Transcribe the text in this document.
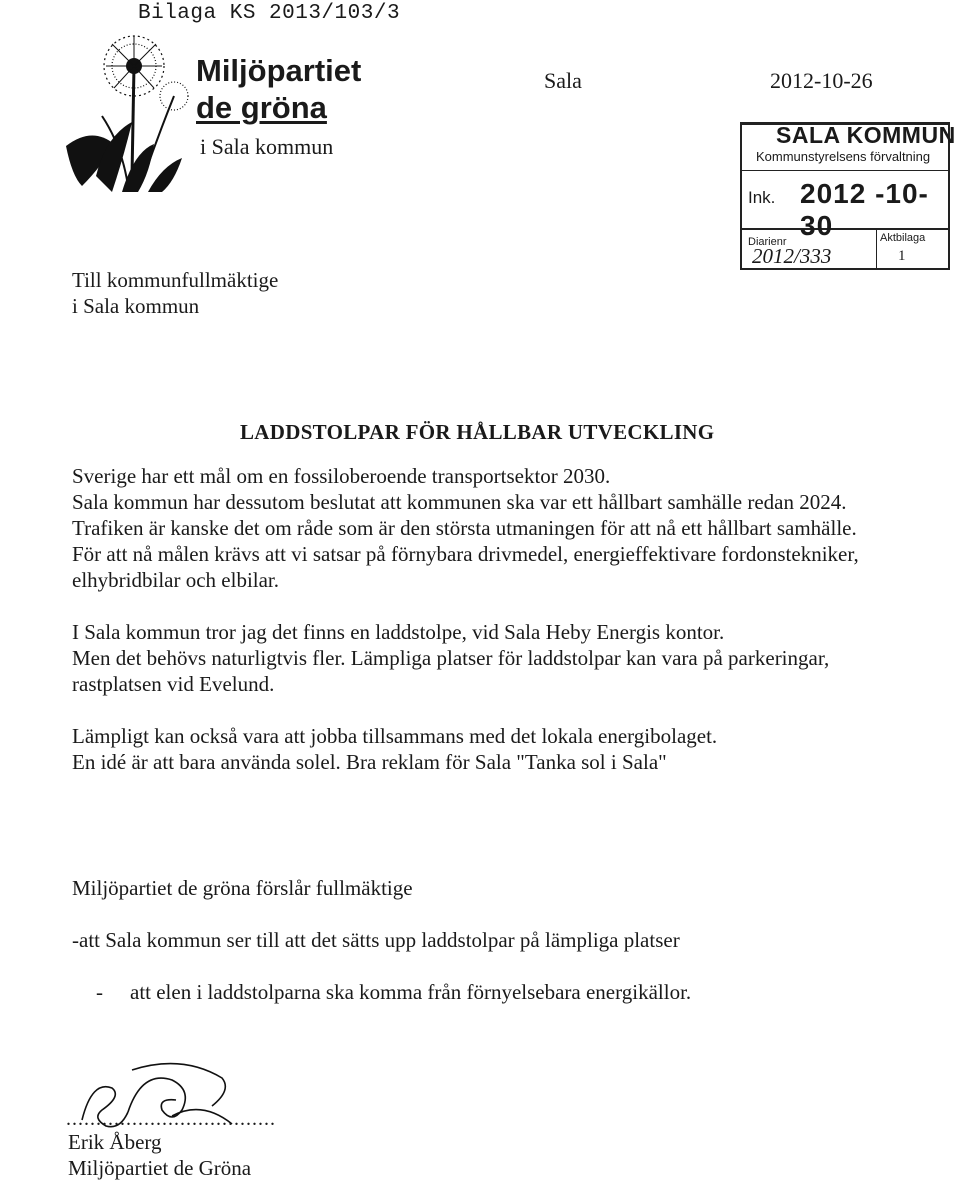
Bilaga KS 2013/103/3
Miljöpartiet
de gröna
i Sala kommun
Sala	2012-10-26
SALA KOMMUN
Kommunstyrelsens förvaltning
Ink. 2012 -10- 30
Diarienr	Aktbilaga
2012/333	1
Till kommunfullmäktige
i Sala kommun
LADDSTOLPAR FÖR HÅLLBAR UTVECKLING
Sverige har ett mål om en fossiloberoende transportsektor 2030.
Sala kommun har dessutom beslutat att kommunen ska var ett hållbart samhälle redan 2024.
Trafiken är kanske det om råde som är den största utmaningen för att nå ett hållbart samhälle.
För att nå målen krävs att vi satsar på förnybara drivmedel, energieffektivare fordonstekniker,
elhybridbilar och elbilar.
I Sala kommun tror jag det finns en laddstolpe, vid Sala Heby Energis kontor.
Men det behövs naturligtvis fler. Lämpliga platser för laddstolpar kan vara på parkeringar,
rastplatsen vid Evelund.
Lämpligt kan också vara att jobba tillsammans med det lokala energibolaget.
En idé är att bara använda solel. Bra reklam för Sala "Tanka sol i Sala"
Miljöpartiet de gröna förslår fullmäktige
-att Sala kommun ser till att det sätts upp laddstolpar på lämpliga platser
- att elen i laddstolparna ska komma från förnyelsebara energikällor.
...................................
Erik Åberg
Miljöpartiet de Gröna
